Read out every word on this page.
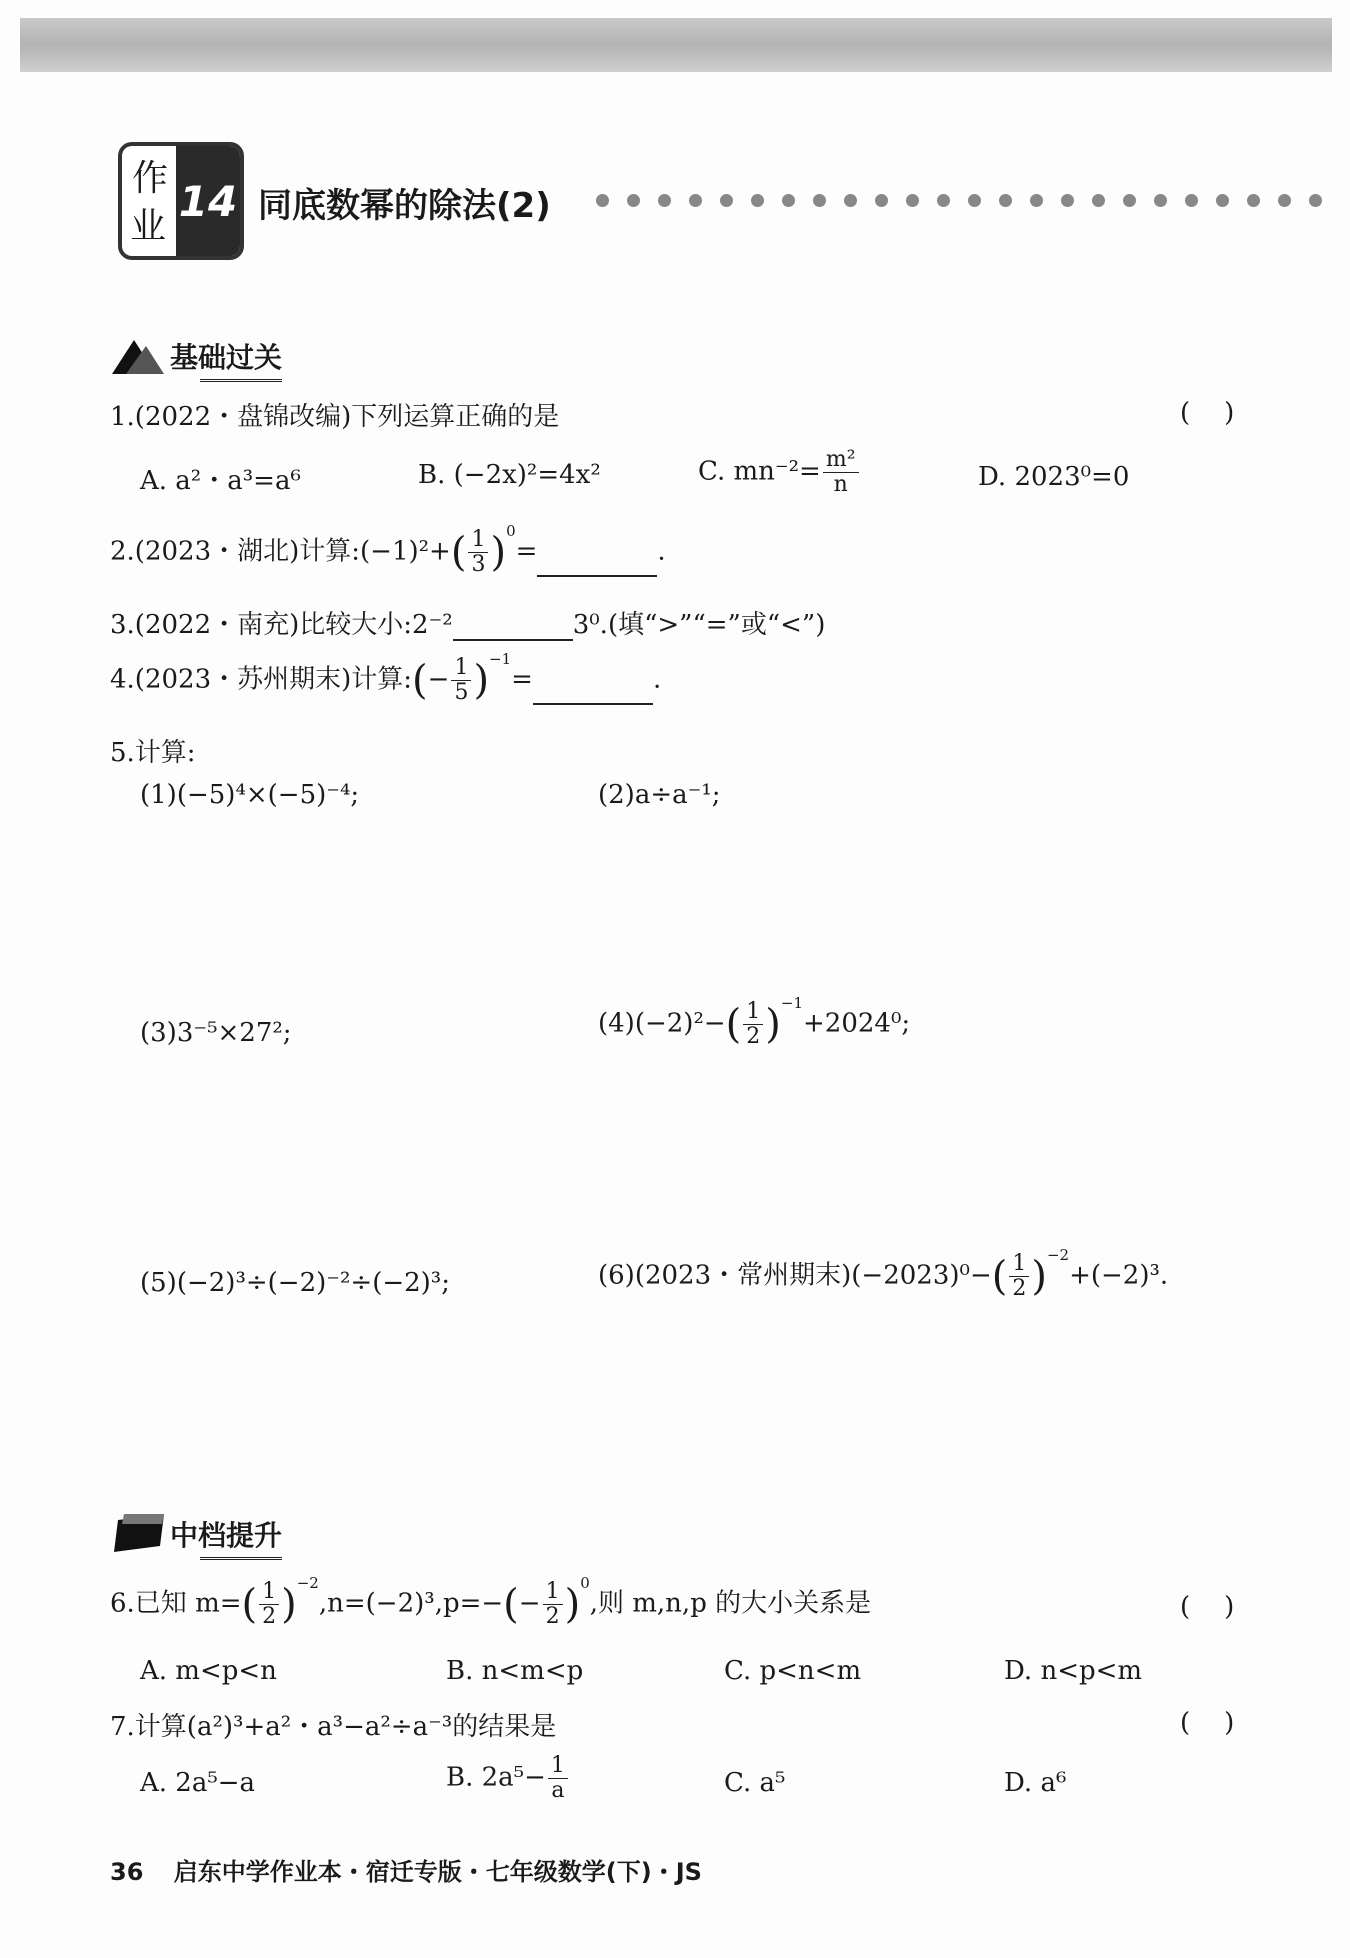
作
业
14 同底数幂的除法(2)
基础过关
1.(2022・盘锦改编)下列运算正确的是	()
A. a²・a³=a⁶	B. (−2x)²=4x²	C. $mn^{-2}= \frac{\text{m²}}{n}$	D. 2023⁰=0
2.(2023・湖北)计算:(−1)²+( $\frac{1}{3} )^0=$	.
3.(2022・南充)比较大小:2⁻²	3⁰.(填“>”“=”或“<”)
4.(2023・苏州期末)计算:(− $\frac{1}{5} )^{-1}=$	.
5.计算:
(1)(−5)⁴×(−5)⁻⁴;	(2)a÷a⁻¹;
(3)3⁻⁵×27²;	$(4)(-2)^2-( \frac{1}{2} )^{-1}+2024^0$;
(5)(−2)³÷(−2)⁻²÷(−2)³;	(6)(2023・常州期末)$(-2023)^0-( \frac{1}{2} )^{-2}+(-2)^3$.
中档提升
6.已知 $m=( \frac{1}{2} )^{-2},n=(-2)^3,p=-(- \frac{1}{2} )^0$,则 m,n,p 的大小关系是	()
A. m<p<n	B. n<m<p	C. p<n<m	D. n<p<m
7.计算(a²)³+a²・a³−a²÷a⁻³的结果是	()
A. 2a⁵−a	B. $2a^5- \frac{1}{a}$	C. a⁵	D. a⁶
36 启东中学作业本・宿迁专版・七年级数学(下)・JS
